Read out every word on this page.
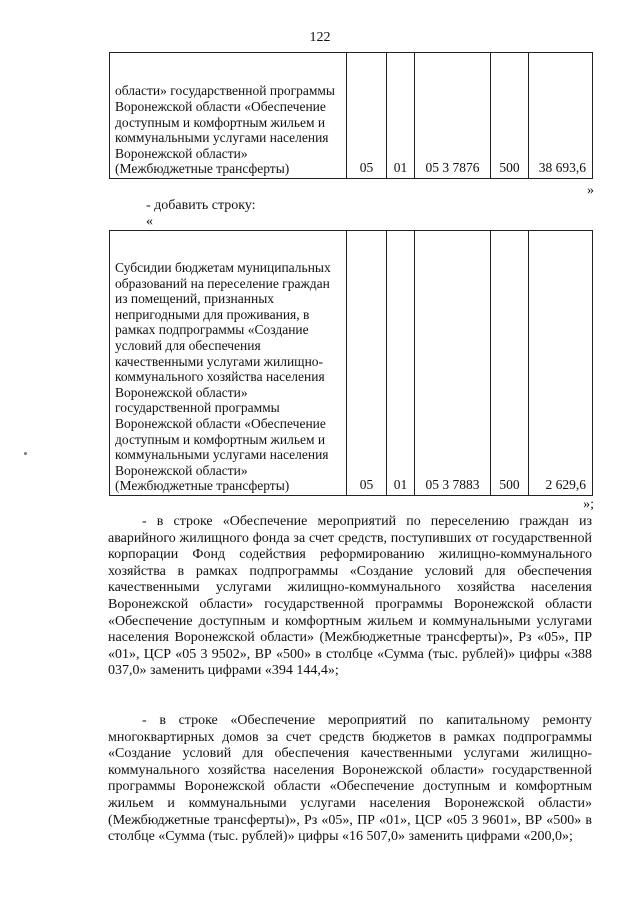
122
области» государственной программы Воронежской области «Обеспечение доступным и комфортным жильем и коммунальными услугами населения Воронежской области» (Межбюджетные трансферты)	05	01	05 3 7876	500	38 693,6
»
- добавить строку:
«
Субсидии бюджетам муниципальных образований на переселение граждан из помещений, признанных непригодными для проживания, в рамках подпрограммы «Создание условий для обеспечения качественными услугами жилищно-коммунального хозяйства населения Воронежской области» государственной программы Воронежской области «Обеспечение доступным и комфортным жильем и коммунальными услугами населения Воронежской области» (Межбюджетные трансферты)	05	01	05 3 7883	500	2 629,6
»;

- в строке «Обеспечение мероприятий по переселению граждан из аварийного жилищного фонда за счет средств, поступивших от государственной корпорации Фонд содействия реформированию жилищно-коммунального хозяйства в рамках подпрограммы «Создание условий для обеспечения качественными услугами жилищно-коммунального хозяйства населения Воронежской области» государственной программы Воронежской области «Обеспечение доступным и комфортным жильем и коммунальными услугами населения Воронежской области» (Межбюджетные трансферты)», Рз «05», ПР «01», ЦСР «05 3 9502», ВР «500» в столбце «Сумма (тыс. рублей)» цифры «388 037,0» заменить цифрами «394 144,4»;

- в строке «Обеспечение мероприятий по капитальному ремонту многоквартирных домов за счет средств бюджетов в рамках подпрограммы «Создание условий для обеспечения качественными услугами жилищно-коммунального хозяйства населения Воронежской области» государственной программы Воронежской области «Обеспечение доступным и комфортным жильем и коммунальными услугами населения Воронежской области» (Межбюджетные трансферты)», Рз «05», ПР «01», ЦСР «05 3 9601», ВР «500» в столбце «Сумма (тыс. рублей)» цифры «16 507,0» заменить цифрами «200,0»;
